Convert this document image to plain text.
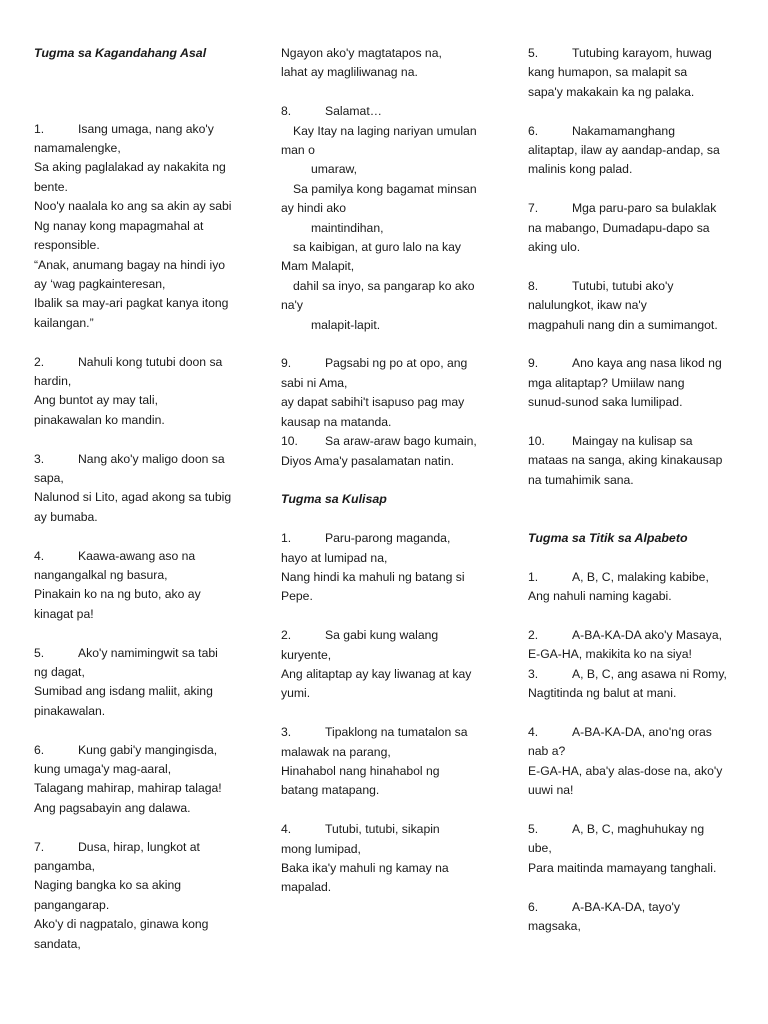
Tugma sa Kagandahang Asal

1.	Isang umaga, nang ako'y
namamalengke,
Sa aking paglalakad ay nakakita ng
bente.
Noo'y naalala ko ang sa akin ay sabi
Ng nanay kong mapagmahal at
responsible.
“Anak, anumang bagay na hindi iyo
ay ‘wag pagkainteresan,
Ibalik sa may-ari pagkat kanya itong
kailangan.”
2.	Nahuli kong tutubi doon sa
hardin,
Ang buntot ay may tali,
pinakawalan ko mandin.
3.	Nang ako'y maligo doon sa
sapa,
Nalunod si Lito, agad akong sa tubig
ay bumaba.
4.	Kaawa-awang aso na
nangangalkal ng basura,
Pinakain ko na ng buto, ako ay
kinagat pa!
5.	Ako'y namimingwit sa tabi
ng dagat,
Sumibad ang isdang maliit, aking
pinakawalan.
6.	Kung gabi'y mangingisda,
kung umaga'y mag-aaral,
Talagang mahirap, mahirap talaga!
Ang pagsabayin ang dalawa.
7.	Dusa, hirap, lungkot at
pangamba,
Naging bangka ko sa aking
pangangarap.
Ako'y di nagpatalo, ginawa kong
sandata,
Ngayon ako'y magtatapos na,
lahat ay magliliwanag na.
8.	Salamat…
Kay Itay na laging nariyan umulan
man o
umaraw,
Sa pamilya kong bagamat minsan
ay hindi ako
maintindihan,
sa kaibigan, at guro lalo na kay
Mam Malapit,
dahil sa inyo, sa pangarap ko ako
na'y
malapit-lapit.
9.	Pagsabi ng po at opo, ang
sabi ni Ama,
ay dapat sabihi't isapuso pag may
kausap na matanda.
10. Sa araw-araw bago kumain,
Diyos Ama'y pasalamatan natin.

Tugma sa Kulisap

1.	Paru-parong maganda,
hayo at lumipad na,
Nang hindi ka mahuli ng batang si
Pepe.
2.	Sa gabi kung walang
kuryente,
Ang alitaptap ay kay liwanag at kay
yumi.
3.	Tipaklong na tumatalon sa
malawak na parang,
Hinahabol nang hinahabol ng
batang matapang.
4.	Tutubi, tutubi, sikapin
mong lumipad,
Baka ika'y mahuli ng kamay na
mapalad.
5.	Tutubing karayom, huwag
kang humapon, sa malapit sa
sapa'y makakain ka ng palaka.
6.	Nakamamanghang
alitaptap, ilaw ay aandap-andap, sa
malinis kong palad.
7.	Mga paru-paro sa bulaklak
na mabango, Dumadapu-dapo sa
aking ulo.
8.	Tutubi, tutubi ako'y
nalulungkot, ikaw na'y
magpahuli nang din a sumimangot.
9.	Ano kaya ang nasa likod ng
mga alitaptap? Umiilaw nang
sunud-sunod saka lumilipad.
10. Maingay na kulisap sa
mataas na sanga, aking kinakausap
na tumahimik sana.

Tugma sa Titik sa Alpabeto

1.	A, B, C, malaking kabibe,
Ang nahuli naming kagabi.
2.	A-BA-KA-DA ako'y Masaya,
E-GA-HA, makikita ko na siya!
3.	A, B, C, ang asawa ni Romy,
Nagtitinda ng balut at mani.
4.	A-BA-KA-DA, ano'ng oras
nab a?
E-GA-HA, aba'y alas-dose na, ako'y
uuwi na!
5.	A, B, C, maghuhukay ng
ube,
Para maitinda mamayang tanghali.
6.	A-BA-KA-DA, tayo'y
magsaka,
